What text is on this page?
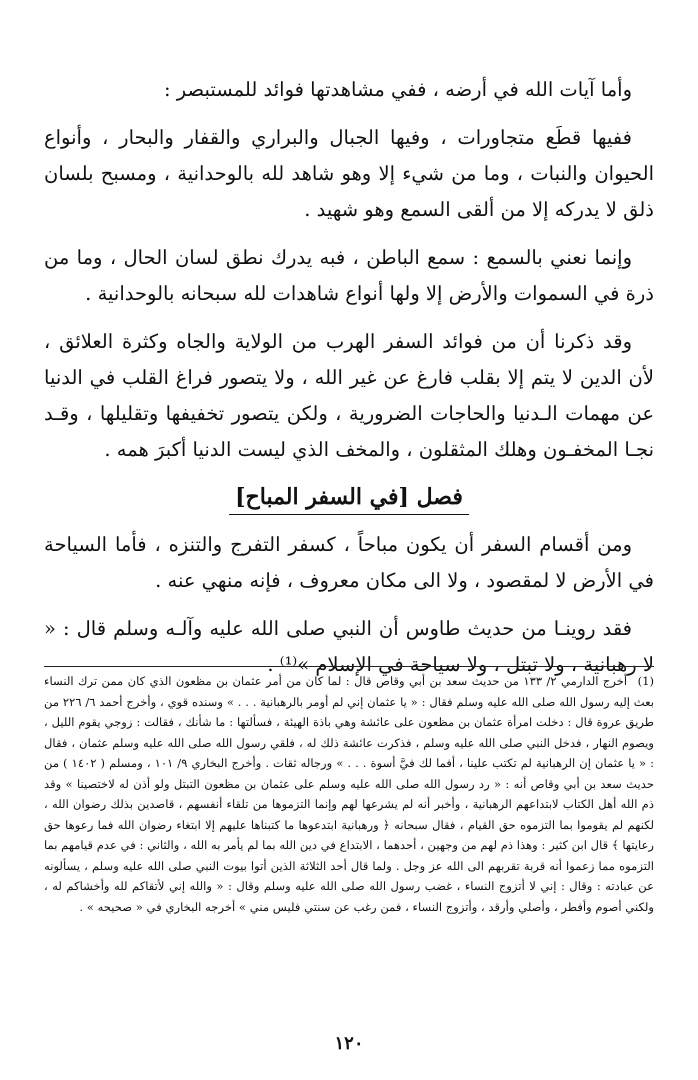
وأما آيات الله في أرضه ، ففي مشاهدتها فوائد للمستبصر :

ففيها قطَع متجاورات ، وفيها الجبال والبراري والقفار والبحار ، وأنواع الحيوان والنبات ، وما من شيء إلا وهو شاهد لله بالوحدانية ، ومسبح بلسان ذلق لا يدركه إلا من ألقى السمع وهو شهيد .

وإنما نعني بالسمع : سمع الباطن ، فبه يدرك نطق لسان الحال ، وما من ذرة في السموات والأرض إلا ولها أنواع شاهدات لله سبحانه بالوحدانية .

وقد ذكرنا أن من فوائد السفر الهرب من الولاية والجاه وكثرة العلائق ، لأن الدين لا يتم إلا بقلب فارغ عن غير الله ، ولا يتصور فراغ القلب في الدنيا عن مهمات الـدنيا والحاجات الضرورية ، ولكن يتصور تخفيفها وتقليلها ، وقـد نجـا المخفـون وهلك المثقلون ، والمخف الذي ليست الدنيا أكبرَ همه .

فصل [في السفر المباح]

ومن أقسام السفر أن يكون مباحاً ، كسفر التفرج والتنزه ، فأما السياحة في الأرض لا لمقصود ، ولا الى مكان معروف ، فإنه منهي عنه .

فقد روينـا من حديث طاوس أن النبي صلى الله عليه وآلـه وسلم قال : « لا رهبانية ، ولا تبتل ، ولا سياحة في الإسلام »⁽¹⁾ .

(1) أخرج الدارمي ٢/ ١٣٣ من حديث سعد بن أبي وقاص قال : لما كان من أمر عثمان بن مظعون الذي كان ممن ترك النساء بعث إليه رسول الله صلى الله عليه وسلم فقال : « يا عثمان إني لم أومر بالرهبانية . . . » وسنده قوي ، وأخرج أحمد ٦/ ٢٢٦ من طريق عروة قال : دخلت امرأة عثمان بن مظعون على عائشة وهي باذة الهيئة ، فسألتها : ما شأنك ، فقالت : زوجي يقوم الليل ، ويصوم النهار ، فدخل النبي صلى الله عليه وسلم ، فذكرت عائشة ذلك له ، فلقي رسول الله صلى الله عليه وسلم عثمان ، فقال : « يا عثمان إن الرهبانية لم تكتب علينا ، أفما لك فيَّ أسوة . . . » ورجاله ثقات . وأخرج البخاري ٩/ ١٠١ ، ومسلم ( ١٤٠٢ ) من حديث سعد بن أبي وقاص أنه : « رد رسول الله صلى الله عليه وسلم على عثمان بن مظعون التبتل ولو أذن له لاختصينا » وقد ذم الله أهل الكتاب لابتداعهم الرهبانية ، وأخبر أنه لم يشرعها لهم وإنما التزموها من تلقاء أنفسهم ، قاصدين بذلك رضوان الله ، لكنهم لم يقوموا بما التزموه حق القيام ، فقال سبحانه ﴿ ورهبانية ابتدعوها ما كتبناها عليهم إلا ابتغاء رضوان الله فما رعوها حق رعايتها ﴾ قال ابن كثير : وهذا ذم لهم من وجهين ، أحدهما ، الابتداع في دين الله بما لم يأمر به الله ، والثاني : في عدم قيامهم بما التزموه مما زعموا أنه قربة تقربهم الى الله عز وجل . ولما قال أحد الثلاثة الذين أتوا بيوت النبي صلى الله عليه وسلم ، يسألونه عن عبادته : وقال : إني لا أتزوج النساء ، غضب رسول الله صلى الله عليه وسلم وقال : « والله إني لأتقاكم لله وأخشاكم له ، ولكني أصوم وأفطر ، وأصلي وأرقد ، وأتزوج النساء ، فمن رغب عن سنتي فليس مني » أخرجه البخاري في « صحيحه » .

١٢٠
